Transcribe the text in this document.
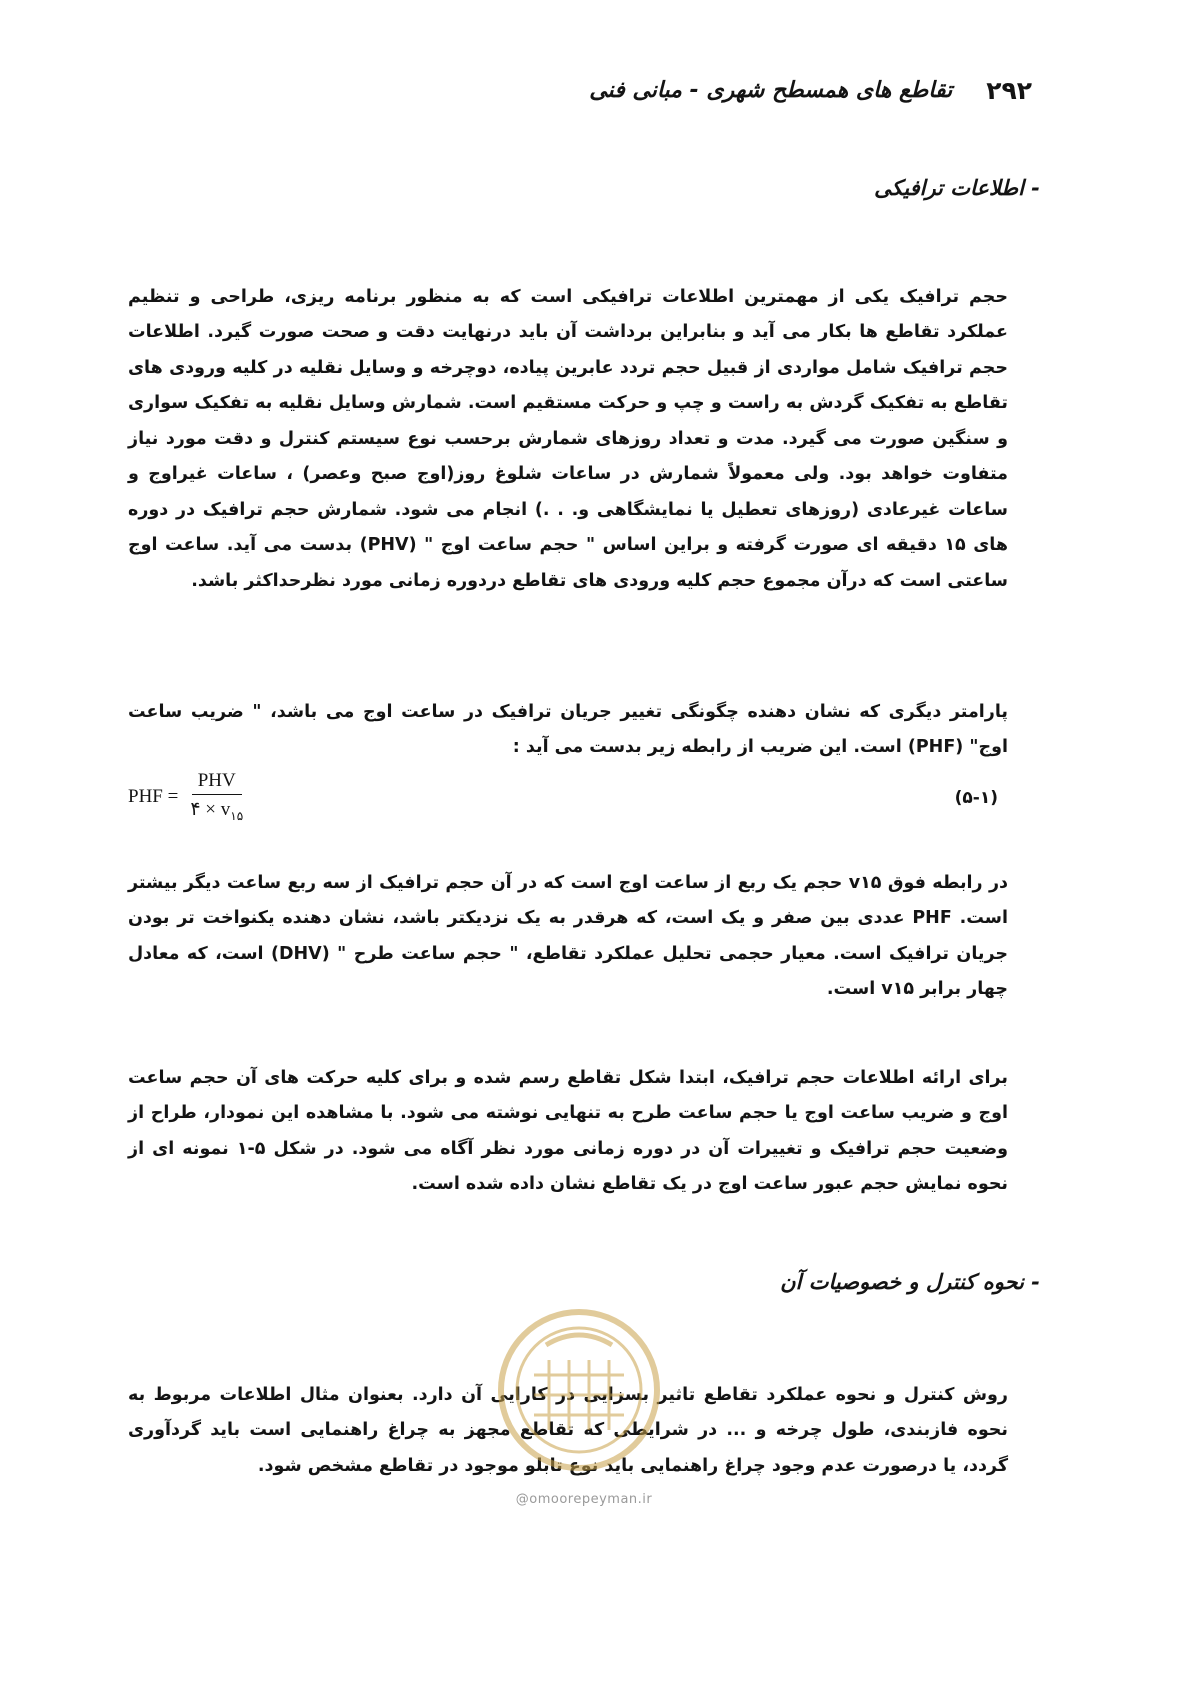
۲۹۲
تقاطع های همسطح شهری - مبانی فنی
- اطلاعات ترافیکی

حجم ترافیک یکی از مهمترین اطلاعات ترافیکی است که به منظور برنامه ریزی، طراحی و تنظیم عملکرد تقاطع ها بکار می آید و بنابراین برداشت آن باید درنهایت دقت و صحت صورت گیرد. اطلاعات حجم ترافیک شامل مواردی از قبیل حجم تردد عابرین پیاده، دوچرخه و وسایل نقلیه در کلیه ورودی های تقاطع به تفکیک گردش به راست و چپ و حرکت مستقیم است. شمارش وسایل نقلیه به تفکیک سواری و سنگین صورت می گیرد. مدت و تعداد روزهای شمارش برحسب نوع سیستم کنترل و دقت مورد نیاز متفاوت خواهد بود. ولی معمولاً شمارش در ساعات شلوغ روز(اوج صبح وعصر) ، ساعات غیراوج و ساعات غیرعادی (روزهای تعطیل یا نمایشگاهی و. . .) انجام می شود. شمارش حجم ترافیک در دوره های ۱۵ دقیقه ای صورت گرفته و براین اساس " حجم ساعت اوج " (PHV) بدست می آید. ساعت اوج ساعتی است که درآن مجموع حجم کلیه ورودی های تقاطع دردوره زمانی مورد نظرحداکثر باشد.

پارامتر دیگری که نشان دهنده چگونگی تغییر جریان ترافیک در ساعت اوج می باشد، " ضریب ساعت اوج" (PHF) است. این ضریب از رابطه زیر بدست می آید :

PHF = $\frac{\text{PHV}}{۴ \times v_{۱۵}}$	(۵-۱)

در رابطه فوق v۱۵ حجم یک ربع از ساعت اوج است که در آن حجم ترافیک از سه ربع ساعت دیگر بیشتر است. PHF عددی بین صفر و یک است، که هرقدر به یک نزدیکتر باشد، نشان دهنده یکنواخت تر بودن جریان ترافیک است. معیار حجمی تحلیل عملکرد تقاطع، " حجم ساعت طرح " (DHV) است، که معادل چهار برابر v۱۵ است.

برای ارائه اطلاعات حجم ترافیک، ابتدا شکل تقاطع رسم شده و برای کلیه حرکت های آن حجم ساعت اوج و ضریب ساعت اوج یا حجم ساعت طرح به تنهایی نوشته می شود. با مشاهده این نمودار، طراح از وضعیت حجم ترافیک و تغییرات آن در دوره زمانی مورد نظر آگاه می شود. در شکل ۵-۱ نمونه ای از نحوه نمایش حجم عبور ساعت اوج در یک تقاطع نشان داده شده است.

- نحوه کنترل و خصوصیات آن

روش کنترل و نحوه عملکرد تقاطع تاثیر بسزایی در کارایی آن دارد. بعنوان مثال اطلاعات مربوط به نحوه فازبندی، طول چرخه و ... در شرایطی که تقاطع مجهز به چراغ راهنمایی است باید گردآوری گردد، یا درصورت عدم وجود چراغ راهنمایی باید نوع تابلو موجود در تقاطع مشخص شود.

@omoorepeyman.ir
